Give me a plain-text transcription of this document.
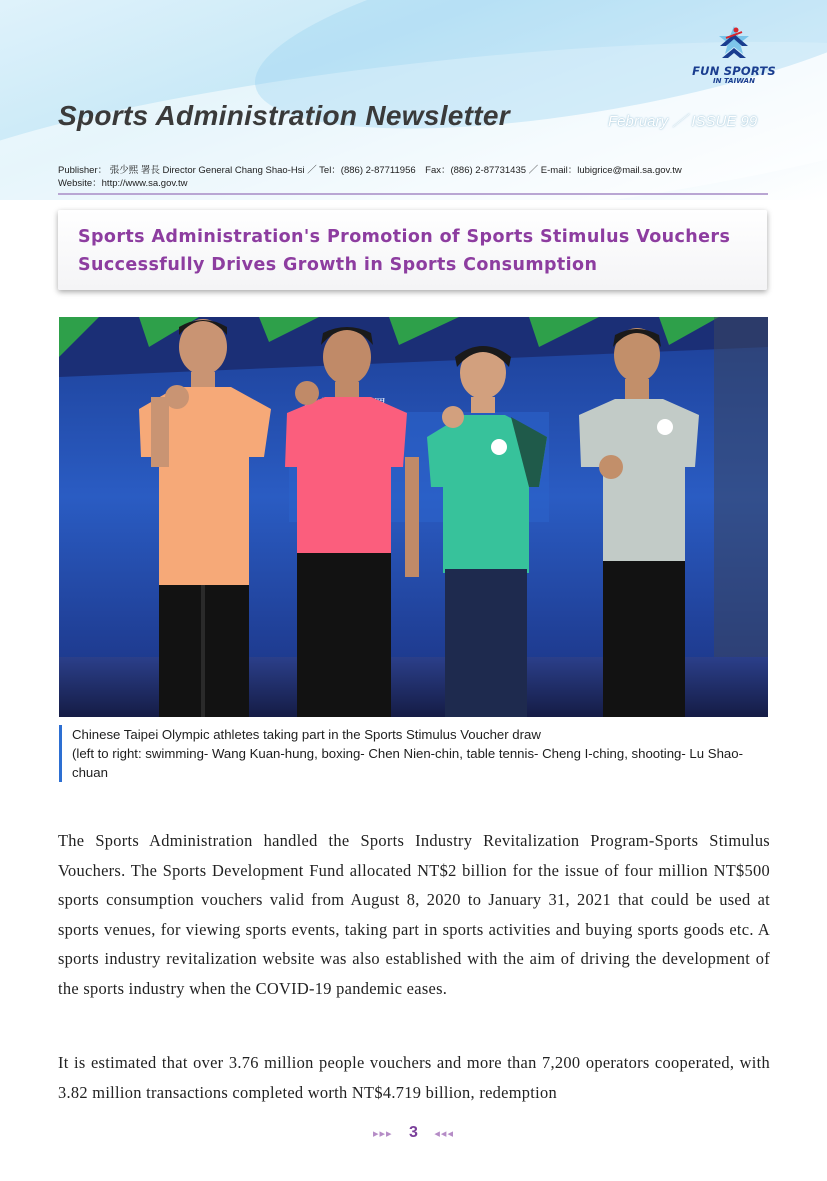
FUN SPORTS
IN TAIWAN
Sports Administration Newsletter	February ／ ISSUE 99
Publisher： 張少熙 署長 Director General Chang Shao-Hsi ／ Tel：(886) 2-87711956　Fax：(886) 2-87731435 ／ E-mail：lubigrice@mail.sa.gov.tw
Website：http://www.sa.gov.tw
Sports Administration's Promotion of Sports Stimulus Vouchers
Successfully Drives Growth in Sports Consumption
Chinese Taipei Olympic athletes taking part in the Sports Stimulus Voucher draw
(left to right: swimming- Wang Kuan-hung, boxing- Chen Nien-chin, table tennis- Cheng I-ching, shooting- Lu Shao-chuan

The Sports Administration handled the Sports Industry Revitalization Program-Sports Stimulus Vouchers. The Sports Development Fund allocated NT$2 billion for the issue of four million NT$500 sports consumption vouchers valid from August 8, 2020 to January 31, 2021 that could be used at sports venues, for viewing sports events, taking part in sports activities and buying sports goods etc. A sports industry revitalization website was also established with the aim of driving the development of the sports industry when the COVID-19 pandemic eases.

It is estimated that over 3.76 million people vouchers and more than 7,200 operators cooperated, with 3.82 million transactions completed worth NT$4.719 billion, redemption

▸▸▸ 3 ◂◂◂
